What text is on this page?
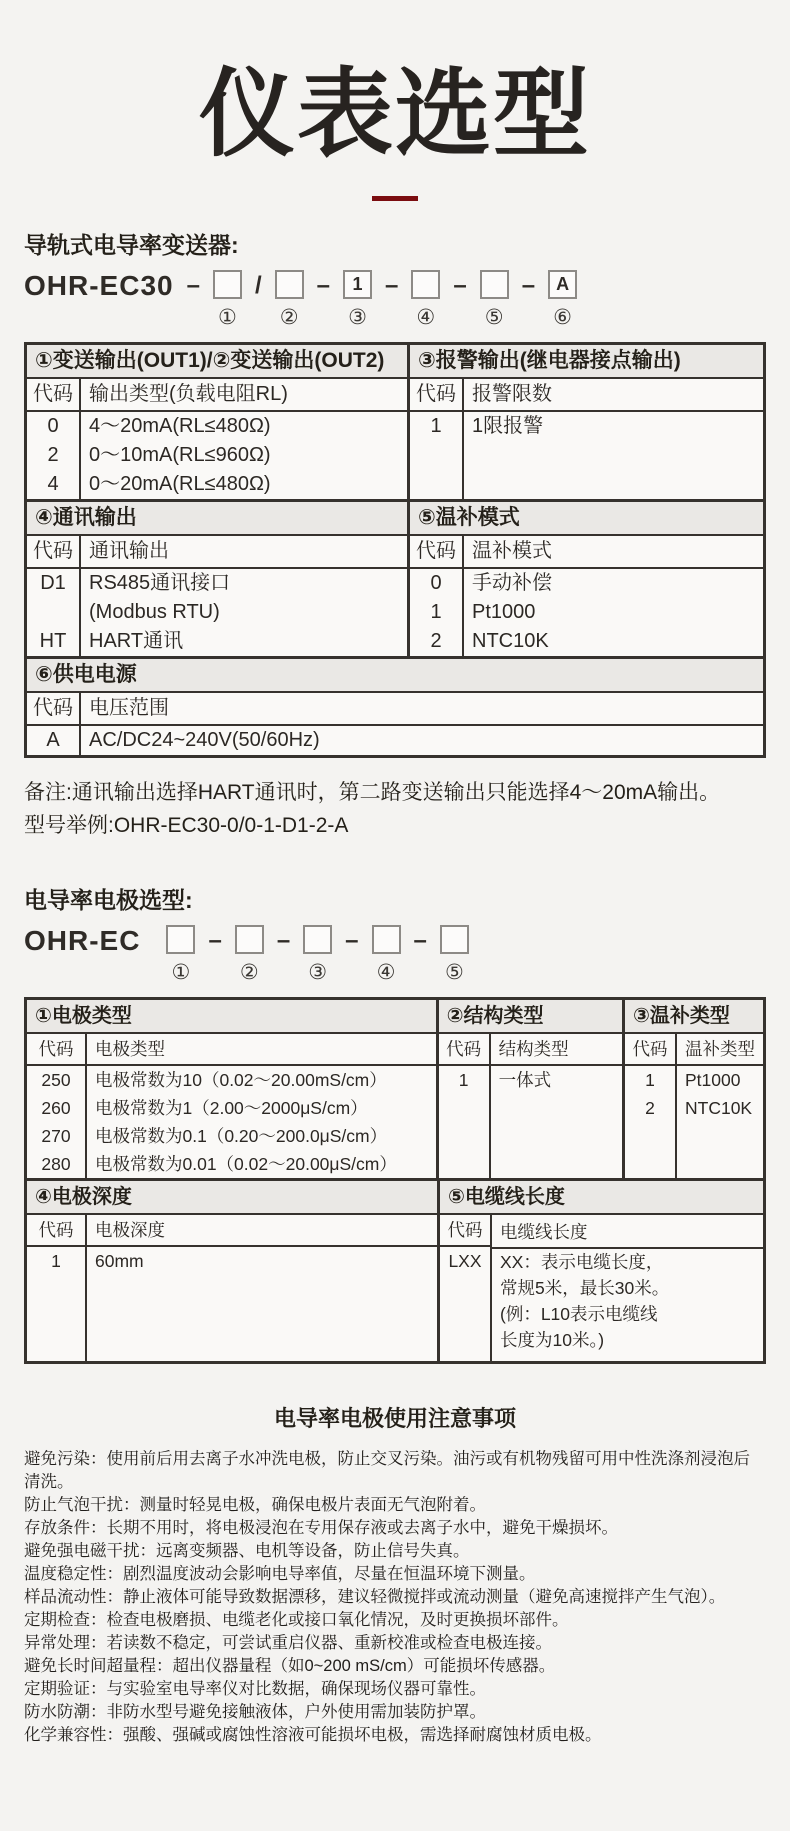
仪表选型
导轨式电导率变送器:
OHR-EC30 –
①
/
②
–	1
③
–
④
–
⑤
–	A
⑥
①变送输出(OUT1)/②变送输出(OUT2)
代码
0
2
4
输出类型(负载电阻RL)
4～20mA(RL≤480Ω)
0～10mA(RL≤960Ω)
0～20mA(RL≤480Ω)
③报警输出(继电器接点输出)
代码
1
报警限数
1限报警
④通讯输出
代码
D1
HT
通讯输出
RS485通讯接口
(Modbus RTU)
HART通讯
⑤温补模式
代码
0
1
2
温补模式
手动补偿
Pt1000
NTC10K
⑥供电电源
代码
A
电压范围
AC/DC24~240V(50/60Hz)
备注:通讯输出选择HART通讯时，第二路变送输出只能选择4～20mA输出。
型号举例:OHR-EC30-0/0-1-D1-2-A
电导率电极选型:
OHR-EC
①
–
②
–
③
–
④
–
⑤
①电极类型
代码
250
260
270
280
电极类型
电极常数为10（0.02～20.00mS/cm）
电极常数为1（2.00～2000μS/cm）
电极常数为0.1（0.20～200.0μS/cm）
电极常数为0.01（0.02～20.00μS/cm）
②结构类型
代码
1
结构类型
一体式
③温补类型
代码
1
2
温补类型
Pt1000
NTC10K
④电极深度
代码
1
电极深度
60mm
⑤电缆线长度
代码
LXX
电缆线长度
XX：表示电缆长度，
常规5米，最长30米。
(例：L10表示电缆线
长度为10米。)
电导率电极使用注意事项
避免污染：使用前后用去离子水冲洗电极，防止交叉污染。油污或有机物残留可用中性洗涤剂浸泡后清洗。
防止气泡干扰：测量时轻晃电极，确保电极片表面无气泡附着。
存放条件：长期不用时，将电极浸泡在专用保存液或去离子水中，避免干燥损坏。
避免强电磁干扰：远离变频器、电机等设备，防止信号失真。
温度稳定性：剧烈温度波动会影响电导率值，尽量在恒温环境下测量。
样品流动性：静止液体可能导致数据漂移，建议轻微搅拌或流动测量（避免高速搅拌产生气泡）。
定期检查：检查电极磨损、电缆老化或接口氧化情况，及时更换损坏部件。
异常处理：若读数不稳定，可尝试重启仪器、重新校准或检查电极连接。
避免长时间超量程：超出仪器量程（如0~200 mS/cm）可能损坏传感器。
定期验证：与实验室电导率仪对比数据，确保现场仪器可靠性。
防水防潮：非防水型号避免接触液体，户外使用需加装防护罩。
化学兼容性：强酸、强碱或腐蚀性溶液可能损坏电极，需选择耐腐蚀材质电极。
